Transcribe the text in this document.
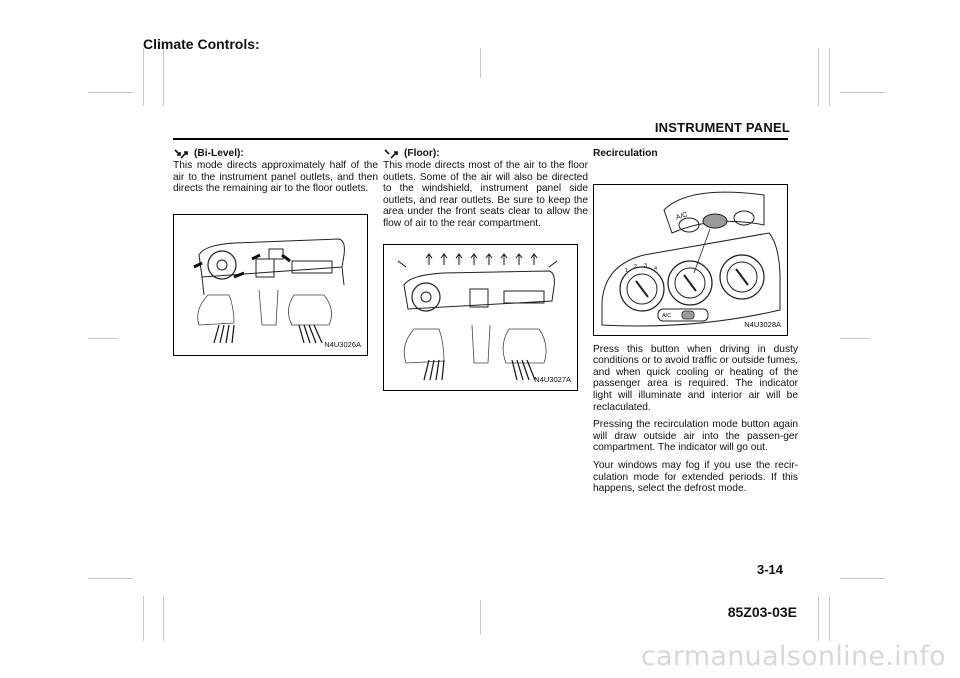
Climate Controls:
INSTRUMENT PANEL

(Bi-Level):

This mode directs approximately half of the air to the instrument panel outlets, and then directs the remaining air to the floor outlets.

N4U3026A

(Floor):

This mode directs most of the air to the floor outlets. Some of the air will also be directed to the windshield, instrument panel side outlets, and rear outlets. Be sure to keep the area under the front seats clear to allow the flow of air to the rear compartment.

N4U3027A

Recirculation

A/C
A/C
1
2 3 4
N4U3028A

Press this button when driving in dusty conditions or to avoid traffic or outside fumes, and when quick cooling or heating of the passenger area is required. The indicator light will illuminate and interior air will be reclaculated.

Pressing the recirculation mode button again will draw outside air into the passen-ger compartment. The indicator will go out.

Your windows may fog if you use the recir-culation mode for extended periods. If this happens, select the defrost mode.

3-14
85Z03-03E
carmanualsonline.info
